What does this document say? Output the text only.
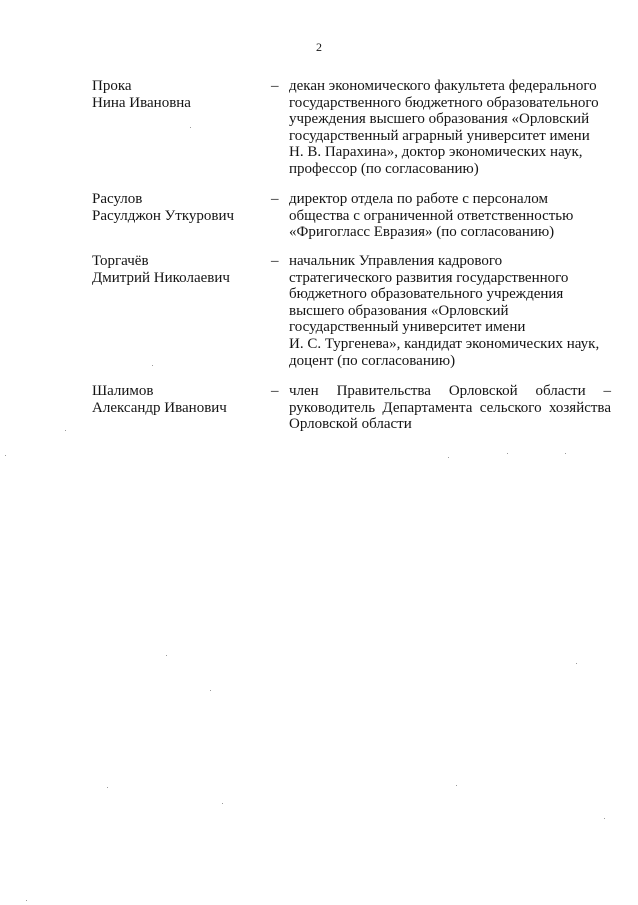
2
Прока
Нина Ивановна
– декан экономического факультета федерального
государственного бюджетного образовательного
учреждения высшего образования «Орловский
государственный аграрный университет имени
Н. В. Парахина», доктор экономических наук,
профессор (по согласованию)
Расулов
Расулджон Уткурович
– директор отдела по работе с персоналом
общества с ограниченной ответственностью
«Фригогласс Евразия» (по согласованию)
Торгачёв
Дмитрий Николаевич
– начальник Управления кадрового
стратегического развития государственного
бюджетного образовательного учреждения
высшего образования «Орловский
государственный университет имени
И. С. Тургенева», кандидат экономических наук,
доцент (по согласованию)
Шалимов
Александр Иванович
– член Правительства Орловской области –
руководитель Департамента сельского хозяйства
Орловской области
